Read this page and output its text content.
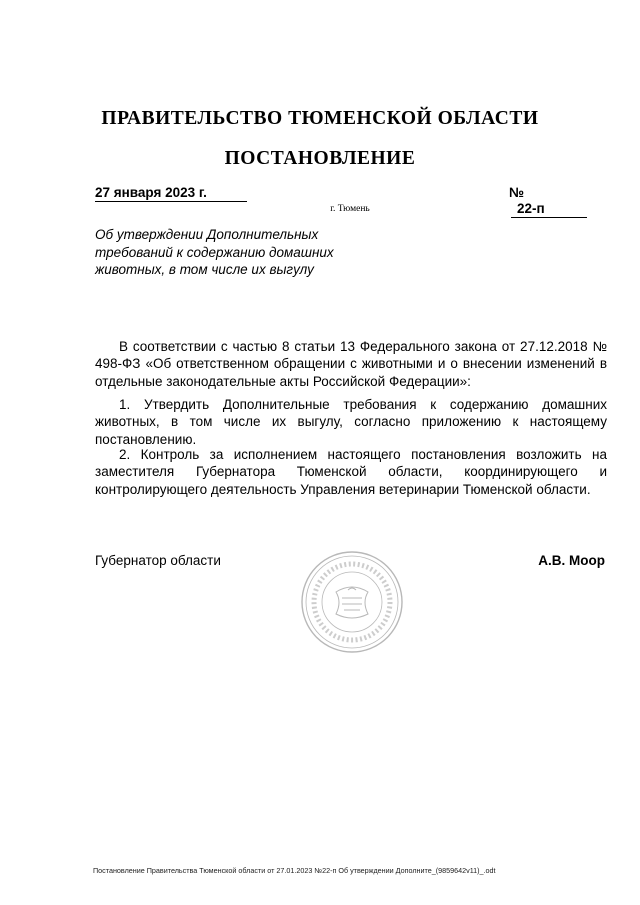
ПРАВИТЕЛЬСТВО ТЮМЕНСКОЙ ОБЛАСТИ
ПОСТАНОВЛЕНИЕ
27 января 2023 г.	№ 22-п
г. Тюмень
Об утверждении Дополнительных требований к содержанию домашних животных, в том числе их выгулу
В соответствии с частью 8 статьи 13 Федерального закона от 27.12.2018 № 498-ФЗ «Об ответственном обращении с животными и о внесении изменений в отдельные законодательные акты Российской Федерации»:
1. Утвердить Дополнительные требования к содержанию домашних животных, в том числе их выгулу, согласно приложению к настоящему постановлению.
2. Контроль за исполнением настоящего постановления возложить на заместителя Губернатора Тюменской области, координирующего и контролирующего деятельность Управления ветеринарии Тюменской области.
Губернатор области	А.В. Моор
Постановление Правительства Тюменской области от 27.01.2023 №22-п Об утверждении Дополните_(9859642v11)_.odt
